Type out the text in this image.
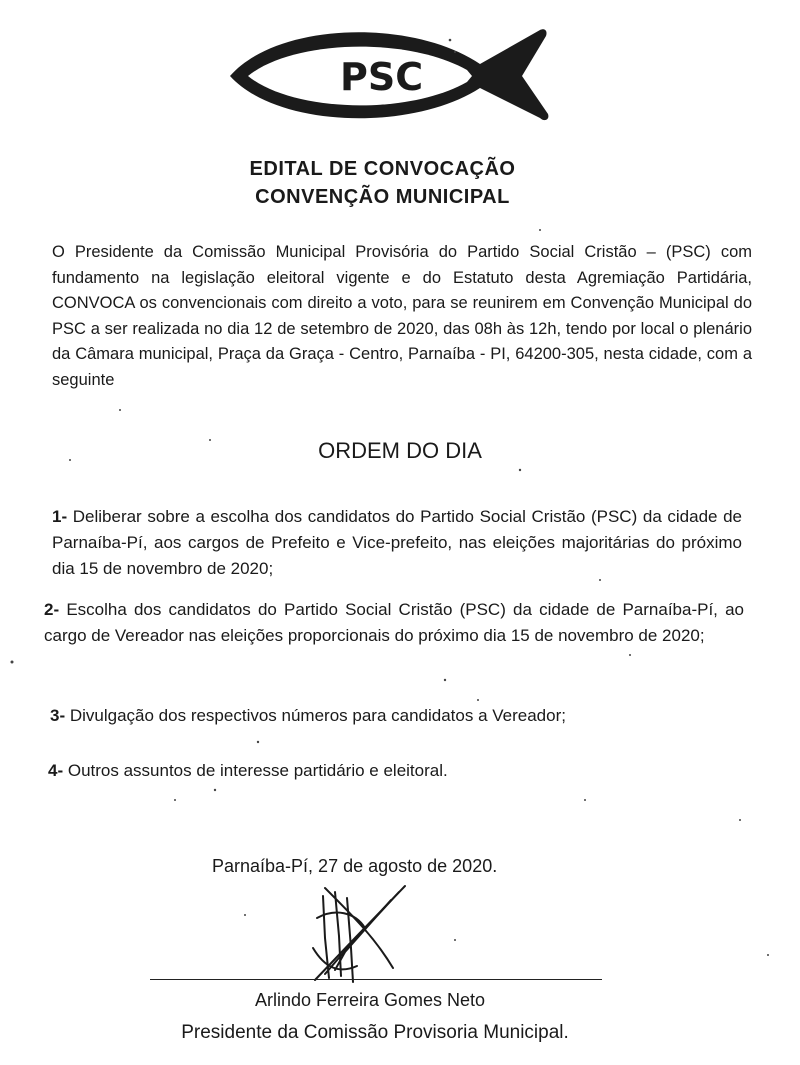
PSC
EDITAL DE CONVOCAÇÃO
CONVENÇÃO MUNICIPAL
O Presidente da Comissão Municipal Provisória do Partido Social Cristão – (PSC) com fundamento na legislação eleitoral vigente e do Estatuto desta Agremiação Partidária, CONVOCA os convencionais com direito a voto, para se reunirem em Convenção Municipal do PSC a ser realizada no dia 12 de setembro de 2020, das 08h às 12h, tendo por local o plenário da Câmara municipal, Praça da Graça - Centro, Parnaíba - PI, 64200-305, nesta cidade, com a seguinte
ORDEM DO DIA
1- Deliberar sobre a escolha dos candidatos do Partido Social Cristão (PSC) da cidade de Parnaíba-Pí, aos cargos de Prefeito e Vice-prefeito, nas eleições majoritárias do próximo dia 15 de novembro de 2020;
2- Escolha dos candidatos do Partido Social Cristão (PSC) da cidade de Parnaíba-Pí, ao cargo de Vereador nas eleições proporcionais do próximo dia 15 de novembro de 2020;
3- Divulgação dos respectivos números para candidatos a Vereador;
4- Outros assuntos de interesse partidário e eleitoral.
Parnaíba-Pí, 27 de agosto de 2020.
Arlindo Ferreira Gomes Neto
Presidente da Comissão Provisoria Municipal.
